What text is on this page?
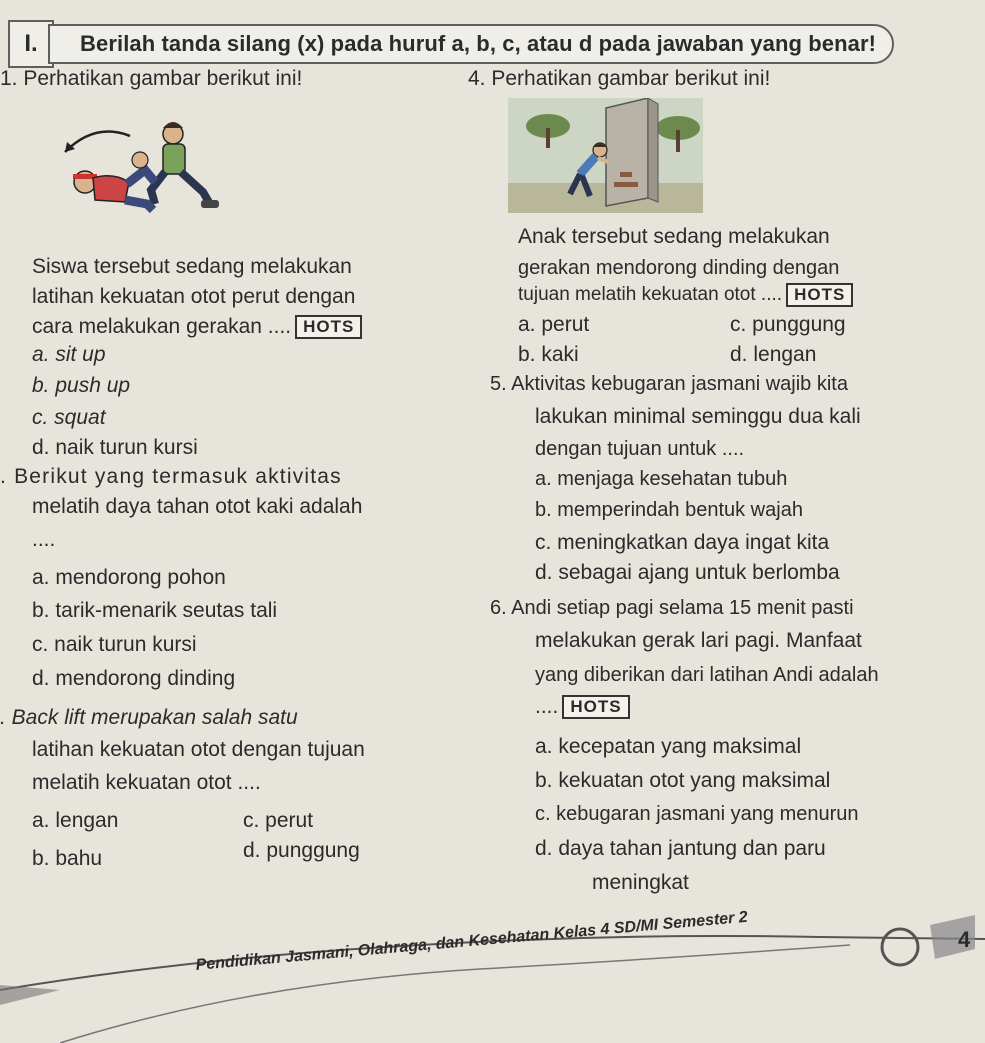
I.	Berilah tanda silang (x) pada huruf a, b, c, atau d pada jawaban yang benar!
1. Perhatikan gambar berikut ini!
Siswa tersebut sedang melakukan
latihan kekuatan otot perut dengan
cara melakukan gerakan .... HOTS
a. sit up
b. push up
c. squat
d. naik turun kursi
. Berikut yang termasuk aktivitas
melatih daya tahan otot kaki adalah
....
a. mendorong pohon
b. tarik-menarik seutas tali
c. naik turun kursi
d. mendorong dinding
. Back lift merupakan salah satu
latihan kekuatan otot dengan tujuan
melatih kekuatan otot ....
a. lengan	c. perut
b. bahu	d. punggung
4. Perhatikan gambar berikut ini!
Anak tersebut sedang melakukan
gerakan mendorong dinding dengan
tujuan melatih kekuatan otot .... HOTS
a. perut	c. punggung
b. kaki	d. lengan
5. Aktivitas kebugaran jasmani wajib kita
lakukan minimal seminggu dua kali
dengan tujuan untuk ....
a. menjaga kesehatan tubuh
b. memperindah bentuk wajah
c. meningkatkan daya ingat kita
d. sebagai ajang untuk berlomba
6. Andi setiap pagi selama 15 menit pasti
melakukan gerak lari pagi. Manfaat
yang diberikan dari latihan Andi adalah
.... HOTS
a. kecepatan yang maksimal
b. kekuatan otot yang maksimal
c. kebugaran jasmani yang menurun
d. daya tahan jantung dan paru
meningkat
Pendidikan Jasmani, Olahraga, dan Kesehatan Kelas 4 SD/MI Semester 2	4
